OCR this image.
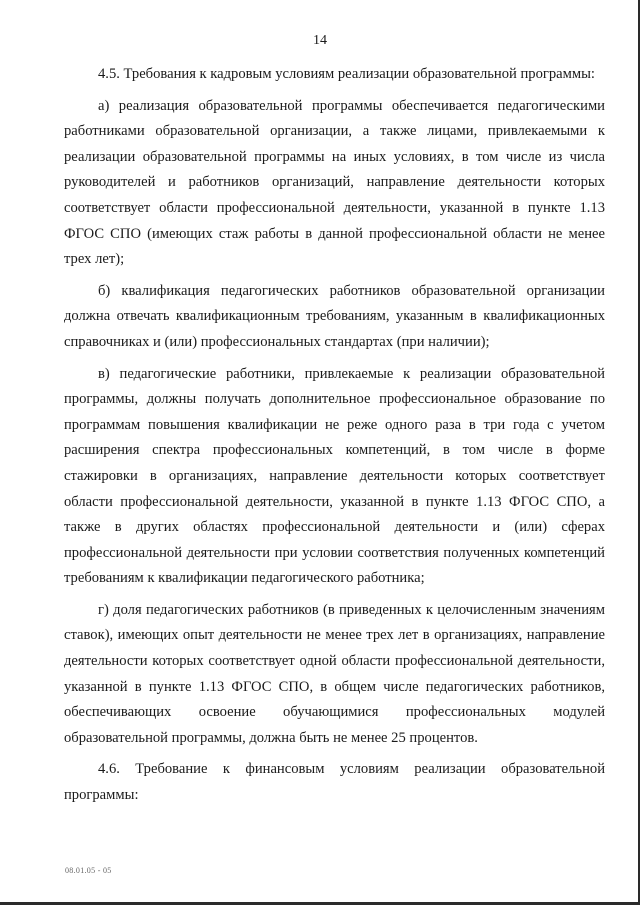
14

4.5. Требования к кадровым условиям реализации образовательной программы:

а) реализация образовательной программы обеспечивается педагогическими работниками образовательной организации, а также лицами, привлекаемыми к реализации образовательной программы на иных условиях, в том числе из числа руководителей и работников организаций, направление деятельности которых соответствует области профессиональной деятельности, указанной в пункте 1.13 ФГОС СПО (имеющих стаж работы в данной профессиональной области не менее трех лет);

б) квалификация педагогических работников образовательной организации должна отвечать квалификационным требованиям, указанным в квалификационных справочниках и (или) профессиональных стандартах (при наличии);

в) педагогические работники, привлекаемые к реализации образовательной программы, должны получать дополнительное профессиональное образование по программам повышения квалификации не реже одного раза в три года с учетом расширения спектра профессиональных компетенций, в том числе в форме стажировки в организациях, направление деятельности которых соответствует области профессиональной деятельности, указанной в пункте 1.13 ФГОС СПО, а также в других областях профессиональной деятельности и (или) сферах профессиональной деятельности при условии соответствия полученных компетенций требованиям к квалификации педагогического работника;

г) доля педагогических работников (в приведенных к целочисленным значениям ставок), имеющих опыт деятельности не менее трех лет в организациях, направление деятельности которых соответствует одной области профессиональной деятельности, указанной в пункте 1.13 ФГОС СПО, в общем числе педагогических работников, обеспечивающих освоение обучающимися профессиональных модулей образовательной программы, должна быть не менее 25 процентов.

4.6. Требование к финансовым условиям реализации образовательной программы:

08.01.05 - 05
